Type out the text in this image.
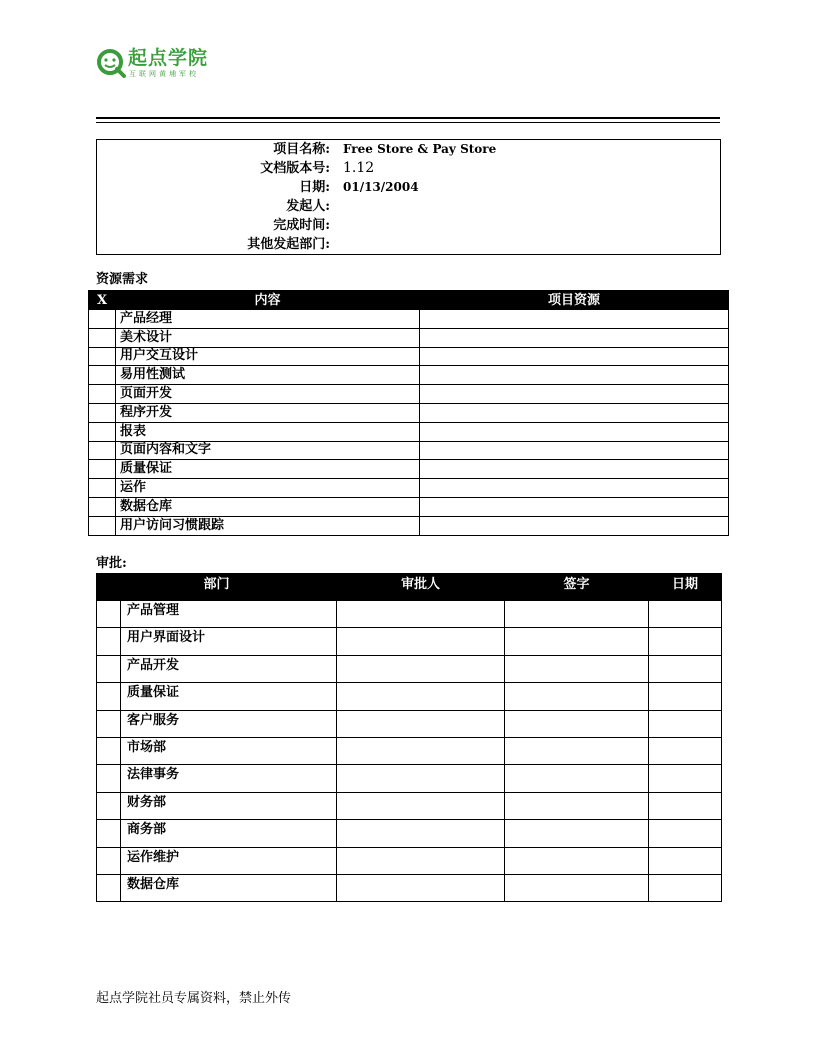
起点学院
互联网黄埔军校
项目名称: Free Store & Pay Store
文档版本号: 1.12
日期: 01/13/2004
发起人:
完成时间:
其他发起部门:
资源需求
X	内容	项目资源
	产品经理	
	美术设计	
	用户交互设计	
	易用性测试	
	页面开发	
	程序开发	
	报表	
	页面内容和文字	
	质量保证	
	运作	
	数据仓库	
	用户访问习惯跟踪	
审批:
部门		审批人	签字	日期
	产品管理			
	用户界面设计			
	产品开发			
	质量保证			
	客户服务			
	市场部			
	法律事务			
	财务部			
	商务部			
	运作维护			
	数据仓库			
起点学院社员专属资料，禁止外传
